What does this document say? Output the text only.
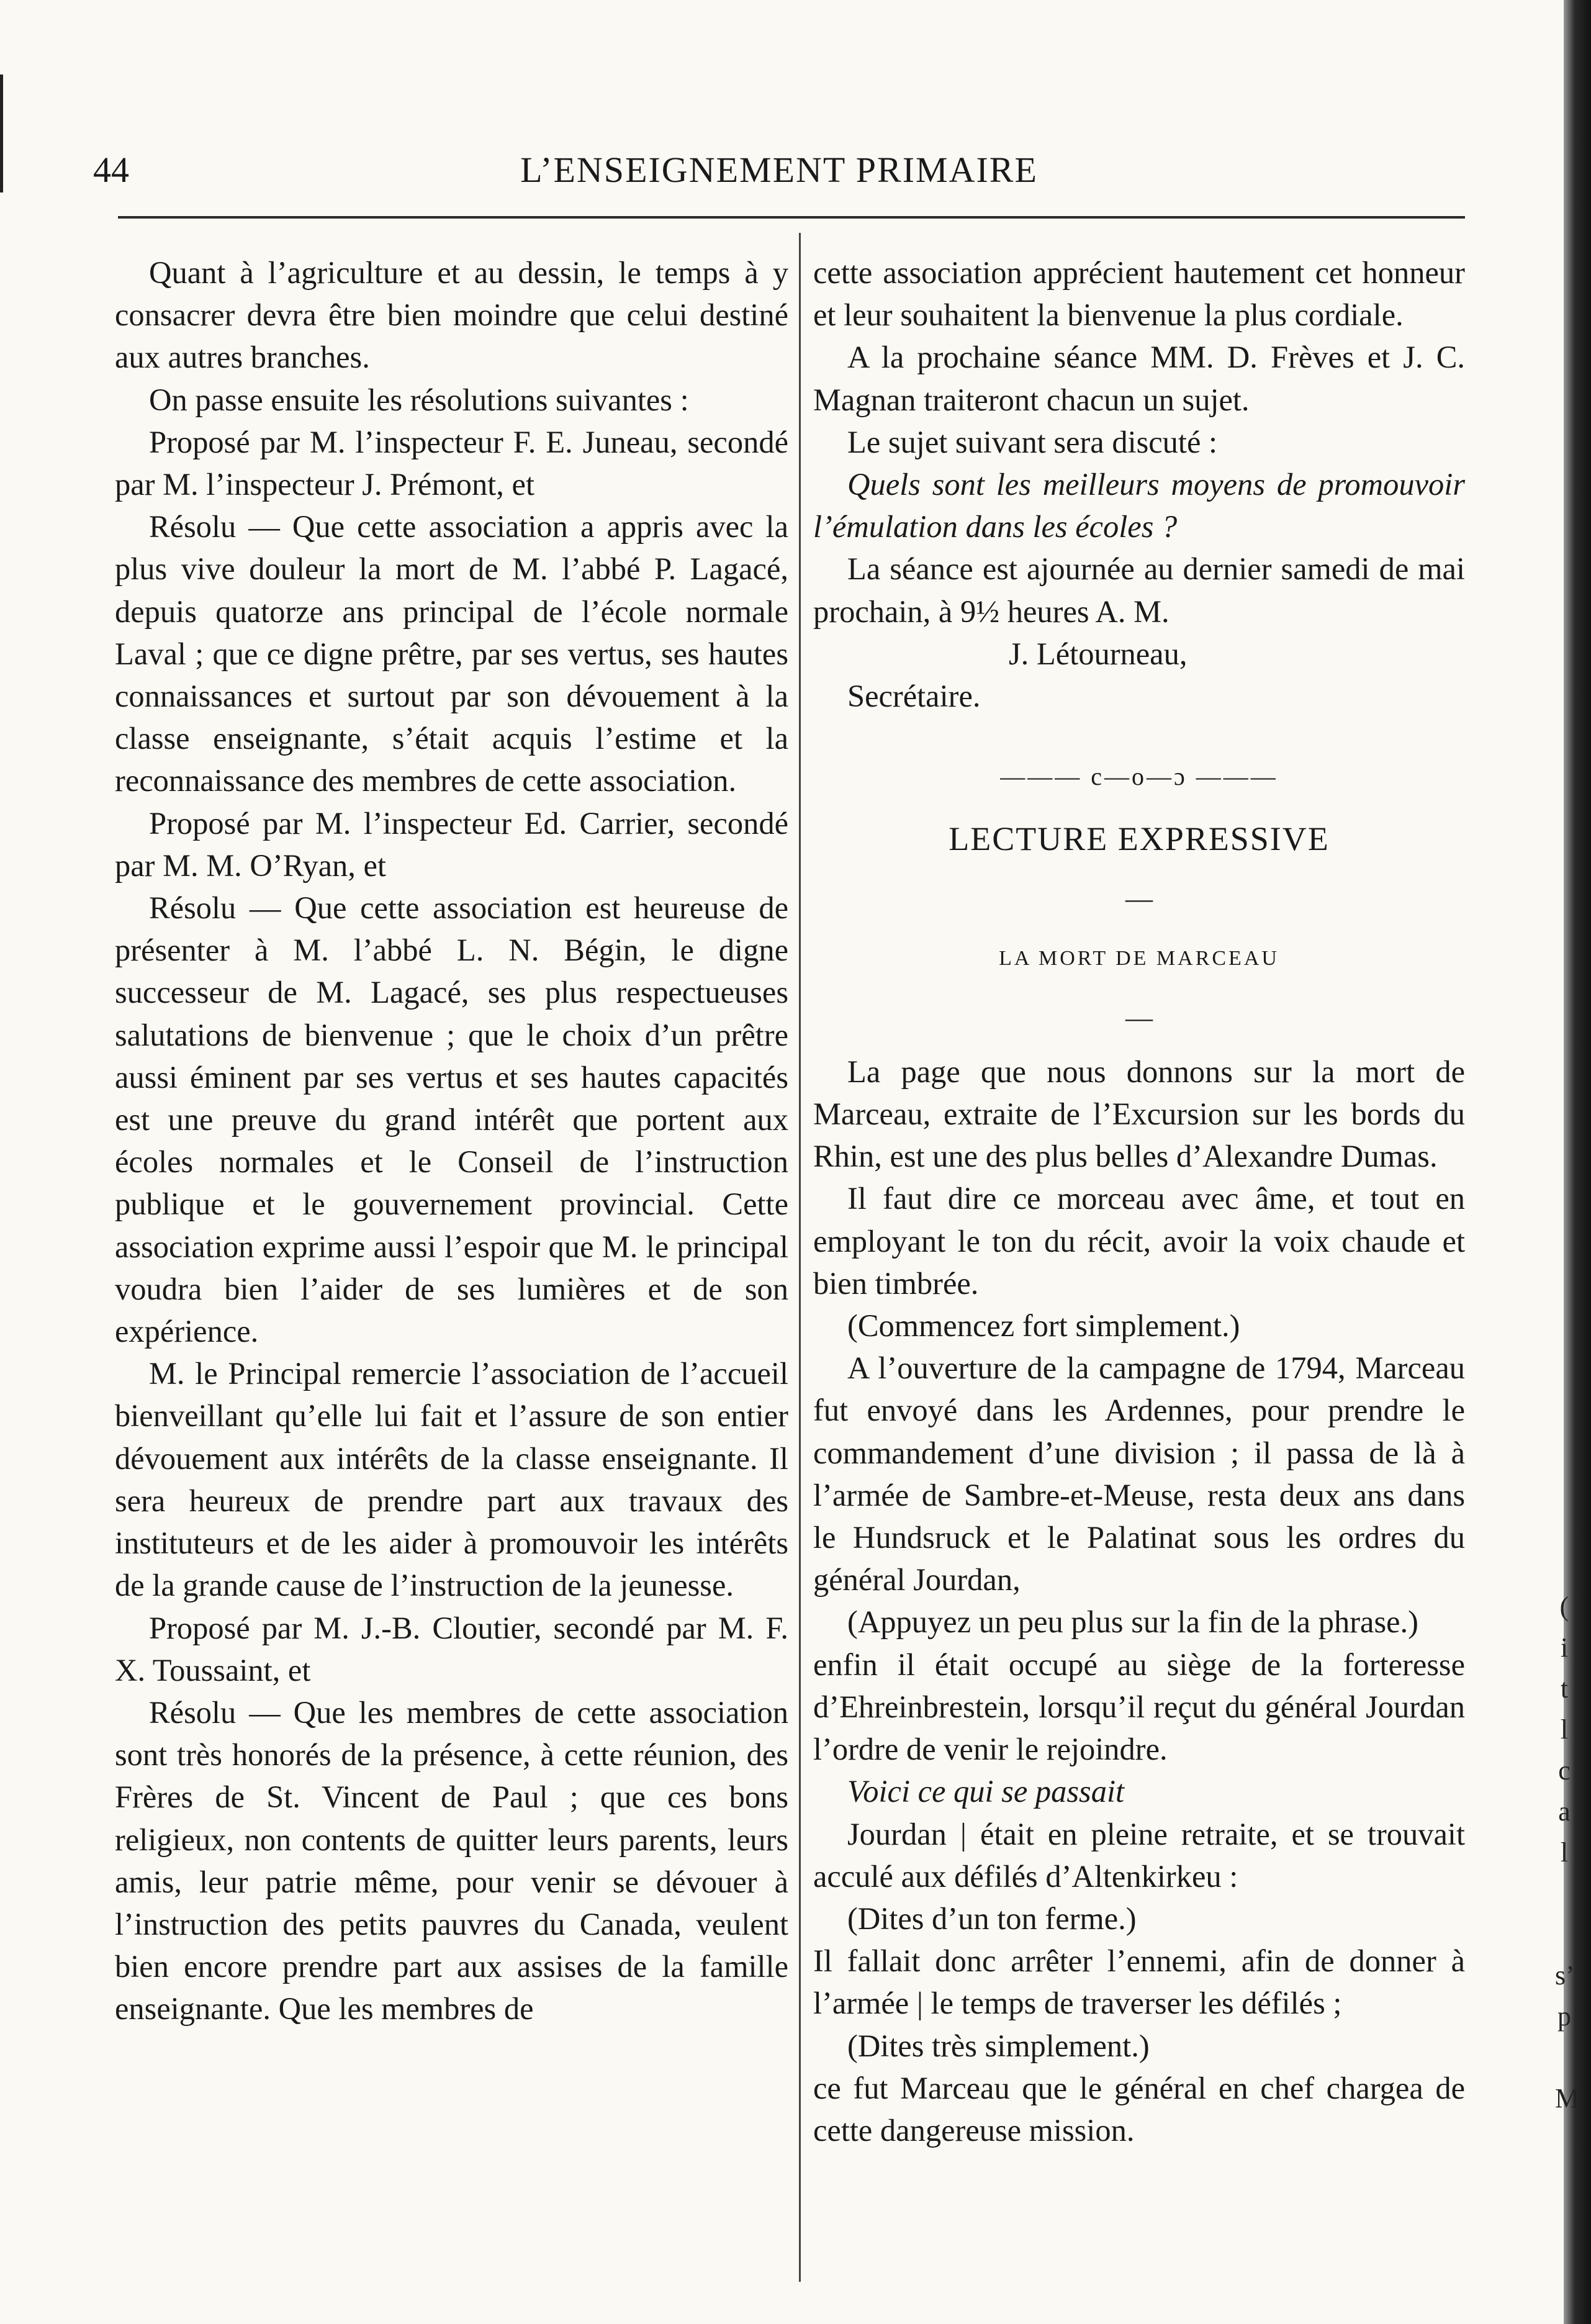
44	L’ENSEIGNEMENT PRIMAIRE

Quant à l’agriculture et au dessin, le temps à y consacrer devra être bien moindre que celui destiné aux autres branches.

On passe ensuite les résolutions suivantes :

Proposé par M. l’inspecteur F. E. Juneau, secondé par M. l’inspecteur J. Prémont, et

Résolu — Que cette association a appris avec la plus vive douleur la mort de M. l’abbé P. Lagacé, depuis quatorze ans principal de l’école normale Laval ; que ce digne prêtre, par ses vertus, ses hautes connaissances et surtout par son dévouement à la classe enseignante, s’était acquis l’estime et la reconnaissance des membres de cette association.

Proposé par M. l’inspecteur Ed. Carrier, secondé par M. M. O’Ryan, et

Résolu — Que cette association est heureuse de présenter à M. l’abbé L. N. Bégin, le digne successeur de M. Lagacé, ses plus respectueuses salutations de bienvenue ; que le choix d’un prêtre aussi éminent par ses vertus et ses hautes capacités est une preuve du grand intérêt que portent aux écoles normales et le Conseil de l’instruction publique et le gouvernement provincial. Cette association exprime aussi l’espoir que M. le principal voudra bien l’aider de ses lumières et de son expérience.

M. le Principal remercie l’association de l’accueil bienveillant qu’elle lui fait et l’assure de son entier dévouement aux intérêts de la classe enseignante. Il sera heureux de prendre part aux travaux des instituteurs et de les aider à promouvoir les intérêts de la grande cause de l’instruction de la jeunesse.

Proposé par M. J.-B. Cloutier, secondé par M. F. X. Toussaint, et

Résolu — Que les membres de cette association sont très honorés de la présence, à cette réunion, des Frères de St. Vincent de Paul ; que ces bons religieux, non contents de quitter leurs parents, leurs amis, leur patrie même, pour venir se dévouer à l’instruction des petits pauvres du Canada, veulent bien encore prendre part aux assises de la famille enseignante. Que les membres de

cette association apprécient hautement cet honneur et leur souhaitent la bienvenue la plus cordiale.

A la prochaine séance MM. D. Frèves et J. C. Magnan traiteront chacun un sujet.

Le sujet suivant sera discuté :

Quels sont les meilleurs moyens de promouvoir l’émulation dans les écoles ?

La séance est ajournée au dernier samedi de mai prochain, à 9½ heures A. M.

J. Létourneau,

Secrétaire.

——— c—o—ɔ ———
LECTURE EXPRESSIVE
—
LA MORT DE MARCEAU
—

La page que nous donnons sur la mort de Marceau, extraite de l’Excursion sur les bords du Rhin, est une des plus belles d’Alexandre Dumas.

Il faut dire ce morceau avec âme, et tout en employant le ton du récit, avoir la voix chaude et bien timbrée.

(Commencez fort simplement.)

A l’ouverture de la campagne de 1794, Marceau fut envoyé dans les Ardennes, pour prendre le commandement d’une division ; il passa de là à l’armée de Sambre-et-Meuse, resta deux ans dans le Hundsruck et le Palatinat sous les ordres du général Jourdan,

(Appuyez un peu plus sur la fin de la phrase.)

enfin il était occupé au siège de la forteresse d’Ehreinbrestein, lorsqu’il reçut du général Jourdan l’ordre de venir le rejoindre.

Voici ce qui se passait

Jourdan | était en pleine retraite, et se trouvait acculé aux défilés d’Altenkirkeu :

(Dites d’un ton ferme.)

Il fallait donc arrêter l’ennemi, afin de donner à l’armée | le temps de traverser les défilés ;

(Dites très simplement.)

ce fut Marceau que le général en chef chargea de cette dangereuse mission.

(
i
t
l
c
a
l

s’
p

M
